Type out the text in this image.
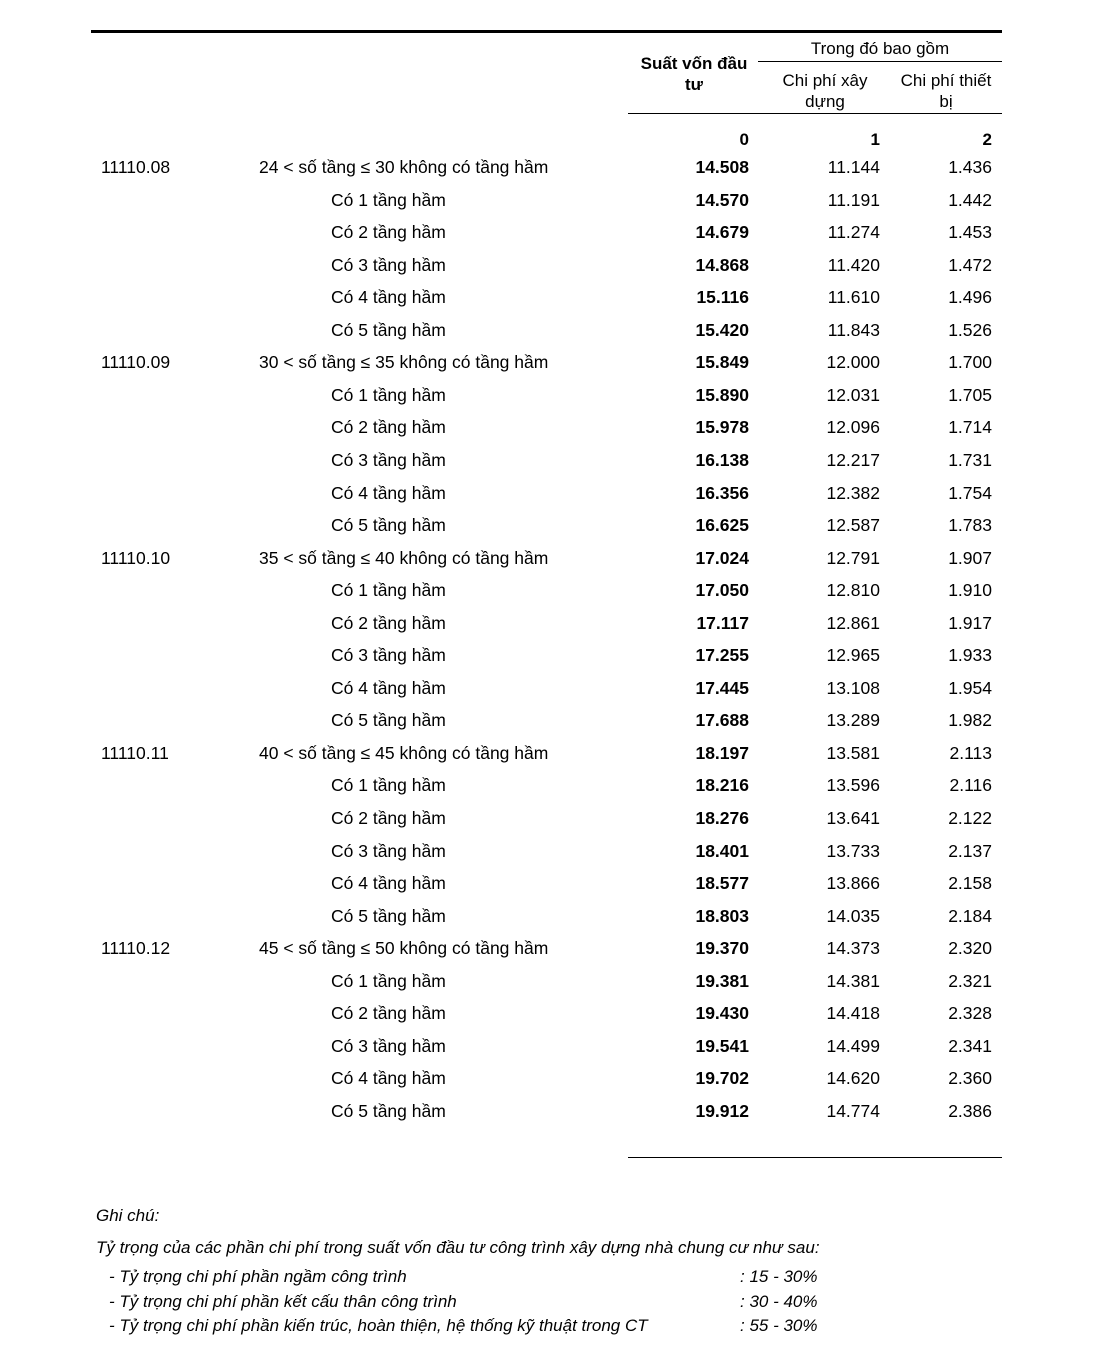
Suất vốn đầu tư
Trong đó bao gồm
Chi phí xây dựng
Chi phí thiết bị
0	1	2
11110.08	24 < số tầng ≤ 30 không có tầng hầm	14.508	11.144	1.436
Có 1 tầng hầm	14.570	11.191	1.442
Có 2 tầng hầm	14.679	11.274	1.453
Có 3 tầng hầm	14.868	11.420	1.472
Có 4 tầng hầm	15.116	11.610	1.496
Có 5 tầng hầm	15.420	11.843	1.526
11110.09	30 < số tầng ≤ 35 không có tầng hầm	15.849	12.000	1.700
Có 1 tầng hầm	15.890	12.031	1.705
Có 2 tầng hầm	15.978	12.096	1.714
Có 3 tầng hầm	16.138	12.217	1.731
Có 4 tầng hầm	16.356	12.382	1.754
Có 5 tầng hầm	16.625	12.587	1.783
11110.10	35 < số tầng ≤ 40 không có tầng hầm	17.024	12.791	1.907
Có 1 tầng hầm	17.050	12.810	1.910
Có 2 tầng hầm	17.117	12.861	1.917
Có 3 tầng hầm	17.255	12.965	1.933
Có 4 tầng hầm	17.445	13.108	1.954
Có 5 tầng hầm	17.688	13.289	1.982
11110.11	40 < số tầng ≤ 45 không có tầng hầm	18.197	13.581	2.113
Có 1 tầng hầm	18.216	13.596	2.116
Có 2 tầng hầm	18.276	13.641	2.122
Có 3 tầng hầm	18.401	13.733	2.137
Có 4 tầng hầm	18.577	13.866	2.158
Có 5 tầng hầm	18.803	14.035	2.184
11110.12	45 < số tầng ≤ 50 không có tầng hầm	19.370	14.373	2.320
Có 1 tầng hầm	19.381	14.381	2.321
Có 2 tầng hầm	19.430	14.418	2.328
Có 3 tầng hầm	19.541	14.499	2.341
Có 4 tầng hầm	19.702	14.620	2.360
Có 5 tầng hầm	19.912	14.774	2.386
Ghi chú:
Tỷ trọng của các phần chi phí trong suất vốn đầu tư công trình xây dựng nhà chung cư như sau:
- Tỷ trọng chi phí phần ngầm công trình	: 15 - 30%
- Tỷ trọng chi phí phần kết cấu thân công trình	: 30 - 40%
- Tỷ trọng chi phí phần kiến trúc, hoàn thiện, hệ thống kỹ thuật trong CT	: 55 - 30%
